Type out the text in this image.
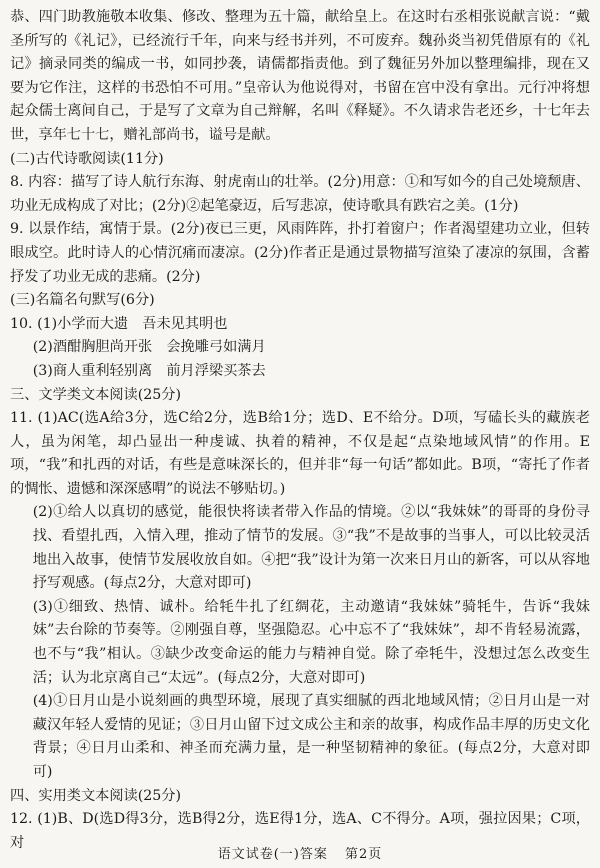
恭、四门助教施敬本收集、修改、整理为五十篇，献给皇上。在这时右丞相张说献言说：“戴圣所写的《礼记》，已经流行千年，向来与经书并列，不可废弃。魏孙炎当初凭借原有的《礼记》摘录同类的编成一书，如同抄袭，请儒都指责他。到了魏征另外加以整理编排，现在又要为它作注，这样的书恐怕不可用。”皇帝认为他说得对，书留在宫中没有拿出。元行冲将想起众儒士离间自己，于是写了文章为自己辩解，名叫《释疑》。不久请求告老还乡，十七年去世，享年七十七，赠礼部尚书，谥号是献。

(二)古代诗歌阅读(11分)

8. 内容：描写了诗人航行东海、射虎南山的壮举。(2分)用意：①和写如今的自己处境颓唐、功业无成构成了对比；(2分)②起笔豪迈，后写悲凉，使诗歌具有跌宕之美。(1分)

9. 以景作结，寓情于景。(2分)夜已三更，风雨阵阵，扑打着窗户；作者渴望建功立业，但转眼成空。此时诗人的心情沉痛而凄凉。(2分)作者正是通过景物描写渲染了凄凉的氛围，含蓄抒发了功业无成的悲痛。(2分)

(三)名篇名句默写(6分)

10. (1)小学而大遗　吾未见其明也

(2)酒酣胸胆尚开张　会挽雕弓如满月

(3)商人重利轻别离　前月浮梁买茶去

三、文学类文本阅读(25分)

11. (1)AC(选A给3分，选C给2分，选B给1分；选D、E不给分。D项，写磕长头的藏族老人，虽为闲笔，却凸显出一种虔诚、执着的精神，不仅是起“点染地域风情”的作用。E项，“我”和扎西的对话，有些是意味深长的，但并非“每一句话”都如此。B项，“寄托了作者的惆怅、遗憾和深深感喟”的说法不够贴切。)

(2)①给人以真切的感觉，能很快将读者带入作品的情境。②以“我妹妹”的哥哥的身份寻找、看望扎西，入情入理，推动了情节的发展。③“我”不是故事的当事人，可以比较灵活地出入故事，使情节发展收放自如。④把“我”设计为第一次来日月山的新客，可以从容地抒写观感。(每点2分，大意对即可)

(3)①细致、热情、诚朴。给牦牛扎了红绸花，主动邀请“我妹妹”骑牦牛，告诉“我妹妹”去台除的节奏等。②刚强自尊，坚强隐忍。心中忘不了“我妹妹”，却不肯轻易流露，也不与“我”相认。③缺少改变命运的能力与精神自觉。除了牵牦牛，没想过怎么改变生活；认为北京离自己“太远”。(每点2分，大意对即可)

(4)①日月山是小说刻画的典型环境，展现了真实细腻的西北地域风情；②日月山是一对藏汉年轻人爱情的见证；③日月山留下过文成公主和亲的故事，构成作品丰厚的历史文化背景；④日月山柔和、神圣而充满力量，是一种坚韧精神的象征。(每点2分，大意对即可)

四、实用类文本阅读(25分)

12. (1)B、D(选D得3分，选B得2分，选E得1分，选A、C不得分。A项，强拉因果；C项，对

语文试卷(一)答案 第2页
